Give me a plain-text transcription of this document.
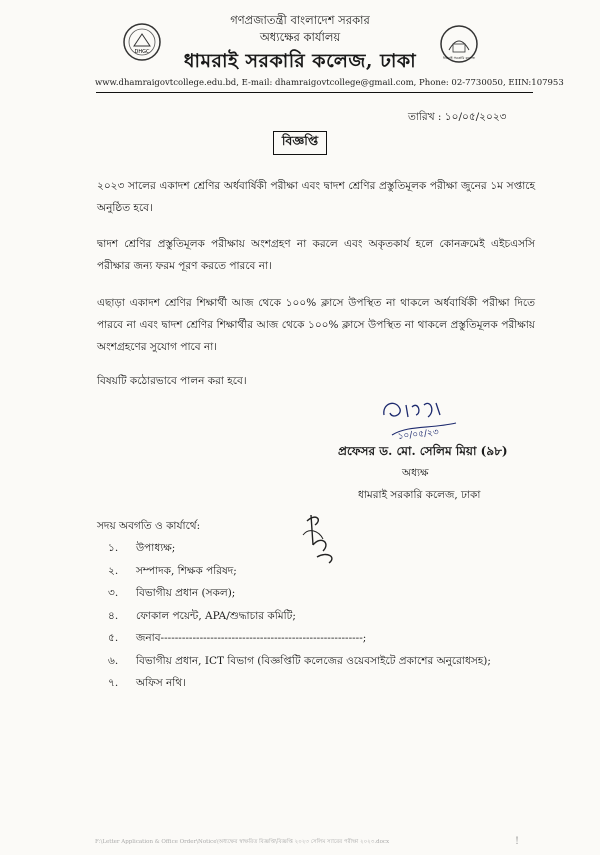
DHGC
ধামরাই সরকারি কলেজ
গণপ্রজাতন্ত্রী বাংলাদেশ সরকার
অধ্যক্ষের কার্যালয়
ধামরাই সরকারি কলেজ, ঢাকা
www.dhamraigovtcollege.edu.bd, E-mail: dhamraigovtcollege@gmail.com, Phone: 02-7730050, EIIN:107953
তারিখ : ১০/০৫/২০২৩
বিজ্ঞপ্তি
২০২৩ সালের একাদশ শ্রেণির অর্ধবার্ষিকী পরীক্ষা এবং দ্বাদশ শ্রেণির প্রস্তুতিমূলক পরীক্ষা জুনের ১ম সপ্তাহে অনুষ্ঠিত হবে।
দ্বাদশ শ্রেণির প্রস্তুতিমূলক পরীক্ষায় অংশগ্রহণ না করলে এবং অকৃতকার্য হলে কোনক্রমেই এইচএসসি পরীক্ষার জন্য ফরম পূরণ করতে পারবে না।
এছাড়া একাদশ শ্রেণির শিক্ষার্থী আজ থেকে ১০০% ক্লাসে উপস্থিত না থাকলে অর্ধবার্ষিকী পরীক্ষা দিতে পারবে না এবং দ্বাদশ শ্রেণির শিক্ষার্থীর আজ থেকে ১০০% ক্লাসে উপস্থিত না থাকলে প্রস্তুতিমূলক পরীক্ষায় অংশগ্রহণের সুযোগ পাবে না।
বিষয়টি কঠোরভাবে পালন করা হবে।
১০/০৫/২৩
প্রফেসর ড. মো. সেলিম মিয়া (৯৮)
অধ্যক্ষ
ধামরাই সরকারি কলেজ, ঢাকা
সদয় অবগতি ও কার্যার্থে:
১. উপাধ্যক্ষ;
২. সম্পাদক, শিক্ষক পরিষদ;
৩. বিভাগীয় প্রধান (সকল);
৪. ফোকাল পয়েন্ট, APA/শুদ্ধাচার কমিটি;
৫. জনাব---------------------------------------------------------;
৬. বিভাগীয় প্রধান, ICT বিভাগ (বিজ্ঞপ্তিটি কলেজের ওয়েবসাইটে প্রকাশের অনুরোধসহ);
৭. অফিস নথি।
F:\Letter Application & Office Order\Notice\অধ্যক্ষের স্বাক্ষরিত বিজ্ঞপ্তি\বিজ্ঞপ্তি ২০২৩ সেলিম স্যারের পরীক্ষা ২০২৩.docx	!
